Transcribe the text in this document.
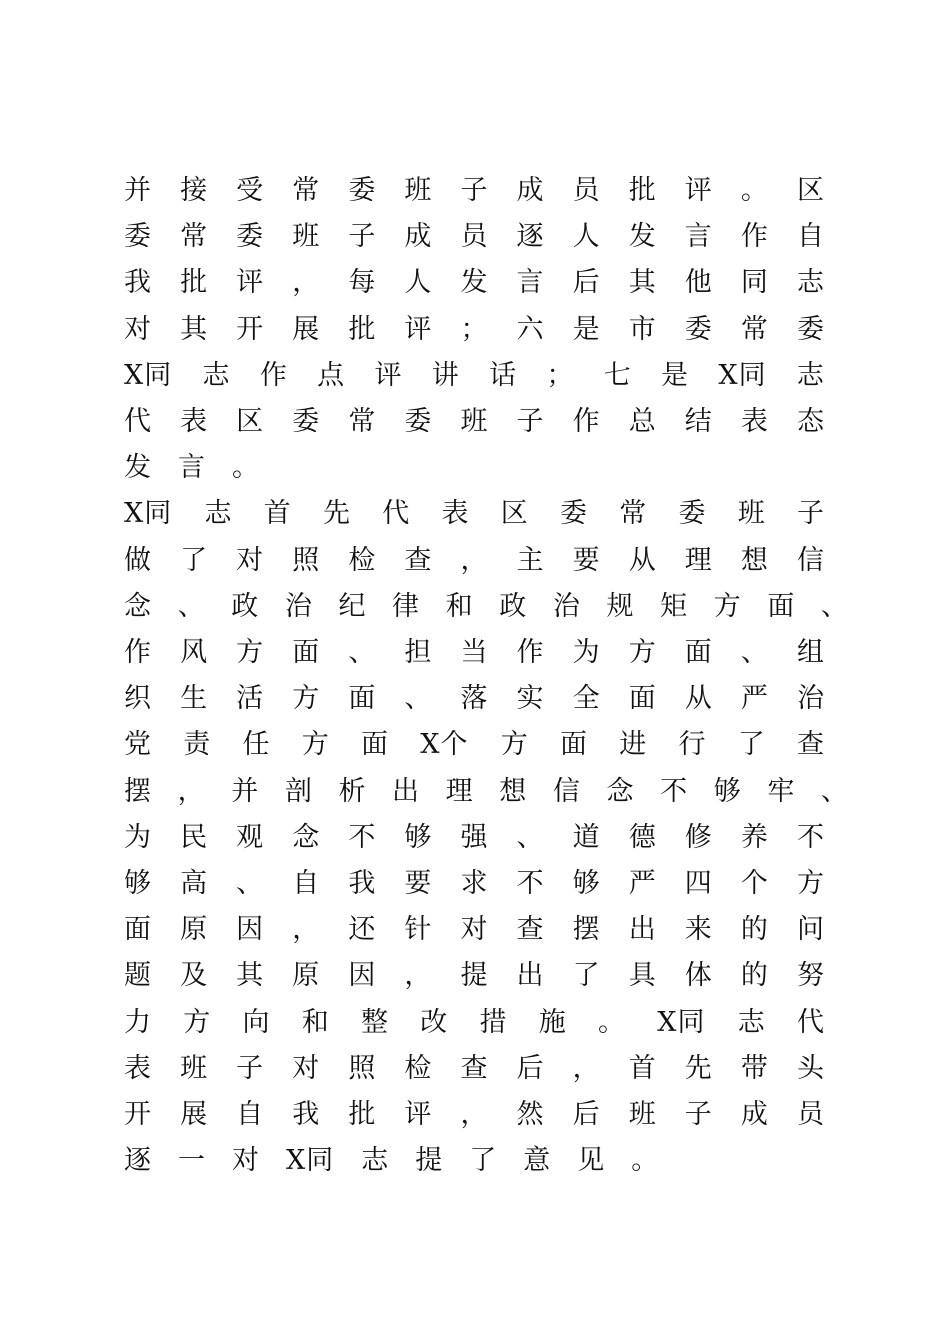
并 接 受 常 委 班 子 成 员 批 评 。 区
委 常 委 班 子 成 员 逐 人 发 言 作 自
我 批 评 ， 每 人 发 言 后 其 他 同 志
对 其 开 展 批 评 ； 六 是 市 委 常 委
X同 志 作 点 评 讲 话 ； 七 是 X同 志
代 表 区 委 常 委 班 子 作 总 结 表 态
发 言 。
X同 志 首 先 代 表 区 委 常 委 班 子
做 了 对 照 检 查 ， 主 要 从 理 想 信
念 、 政 治 纪 律 和 政 治 规 矩 方 面 、
作 风 方 面 、 担 当 作 为 方 面 、 组
织 生 活 方 面 、 落 实 全 面 从 严 治
党 责 任 方 面 X个 方 面 进 行 了 查
摆 ， 并 剖 析 出 理 想 信 念 不 够 牢 、
为 民 观 念 不 够 强 、 道 德 修 养 不
够 高 、 自 我 要 求 不 够 严 四 个 方
面 原 因 ， 还 针 对 查 摆 出 来 的 问
题 及 其 原 因 ， 提 出 了 具 体 的 努
力 方 向 和 整 改 措 施 。 X同 志 代
表 班 子 对 照 检 查 后 ， 首 先 带 头
开 展 自 我 批 评 ， 然 后 班 子 成 员
逐 一 对 X同 志 提 了 意 见 。
